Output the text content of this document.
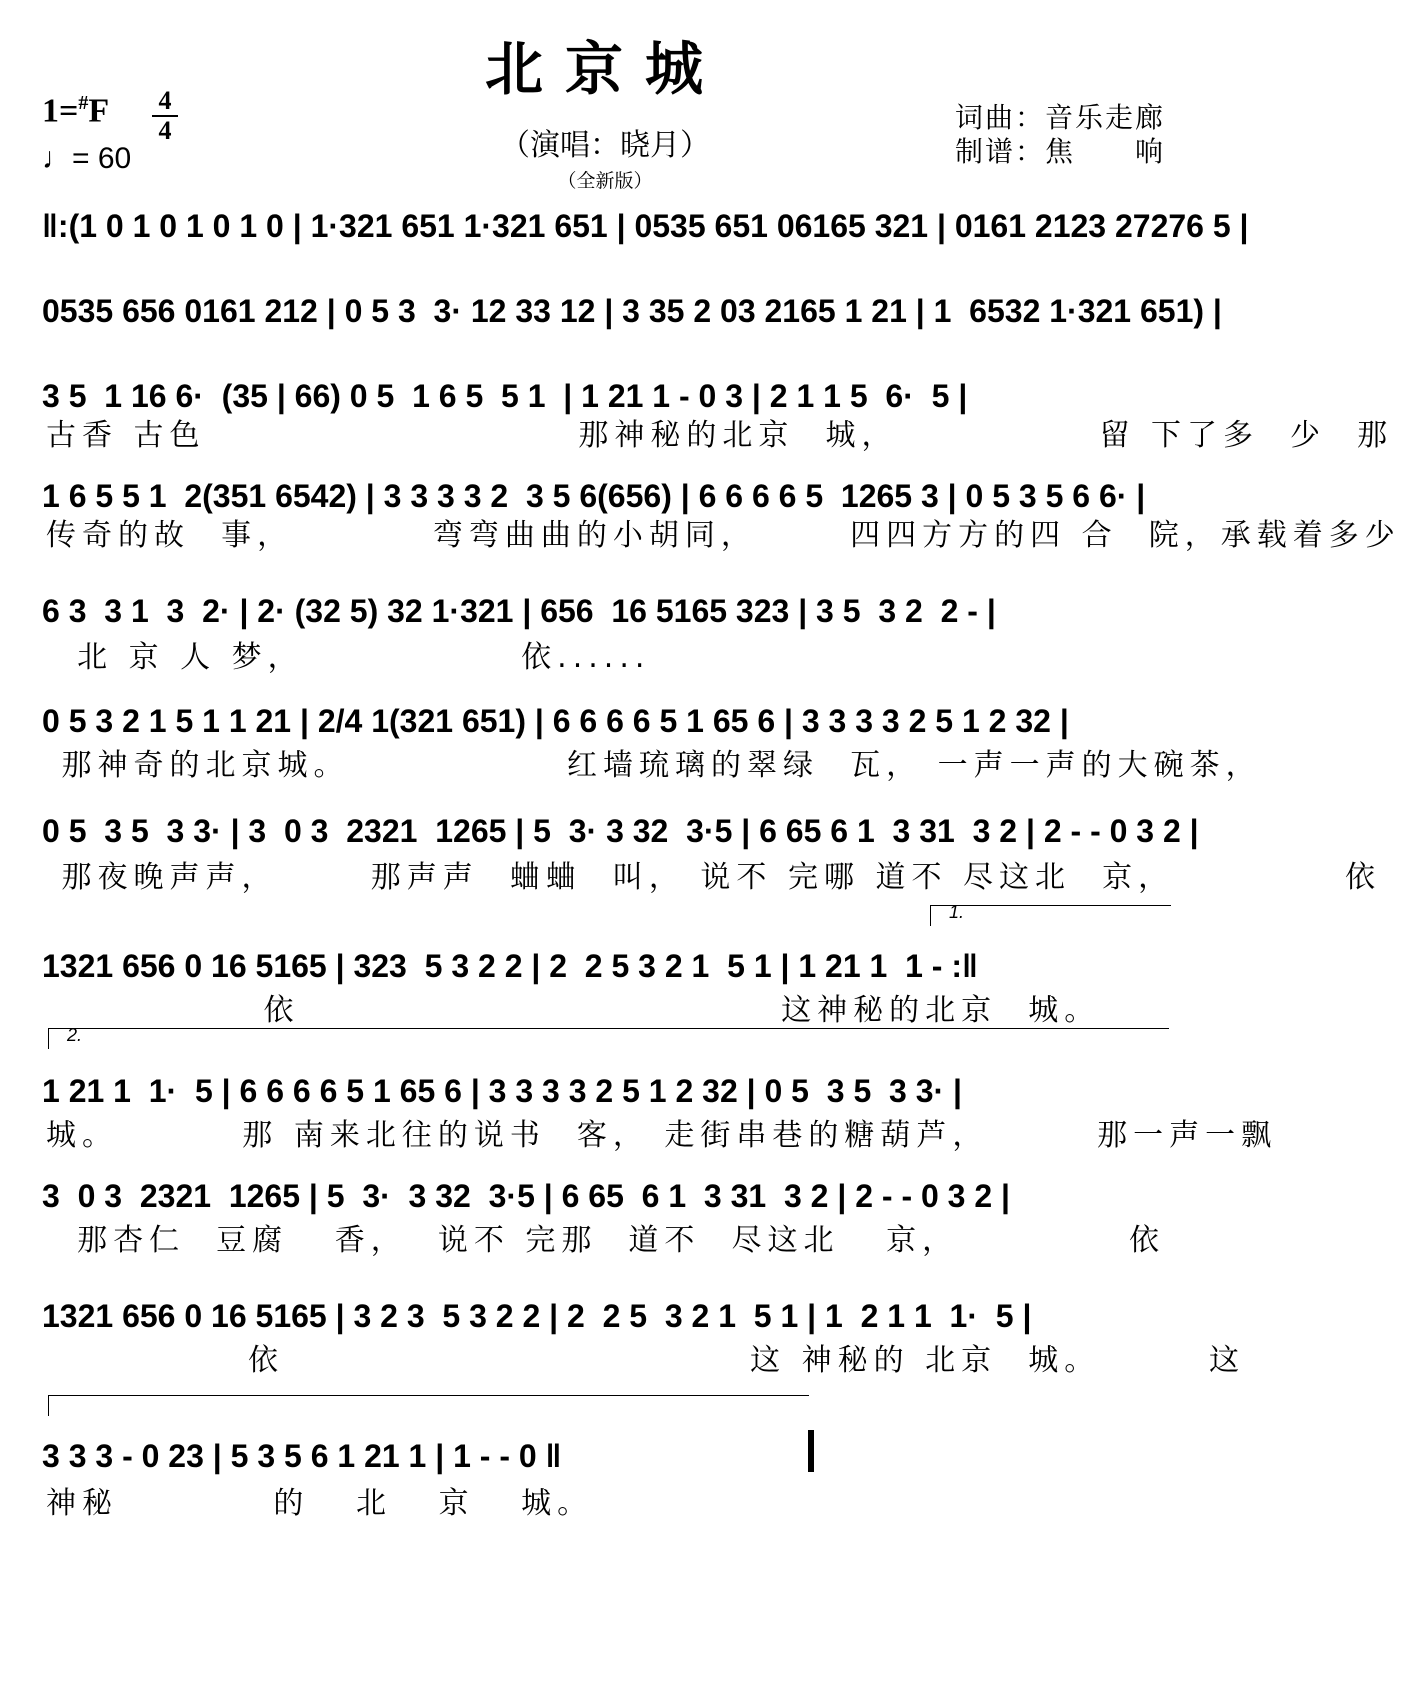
北京城
1=#F	4
4
♩= 60	（演唱：晓月）
（全新版）
词曲：音乐走廊
制谱：焦　　响
‖:(1 0 1 0 1 0 1 0 | 1·321 651 1·321 651 | 0535 651 06165 321 | 0161 2123 27276 5 |
0535 656 0161 212 | 0 5 3  3· 12 33 12 | 3 35 2 03 2165 1 21 | 1  6532 1·321 651) |
3 5  1 16 6·  (35 | 66) 0 5  1 6 5  5 1  | 1 21 1 - 0 3 | 2 1 1 5  6·  5 |
古香 古色                        那神秘的北京  城，             留 下了多  少  那
1 6 5 5 1  2(351 6542) | 3 3 3 3 2  3 5 6(656) | 6 6 6 6 5  1265 3 | 0 5 3 5 6 6· |
传奇的故  事，         弯弯曲曲的小胡同，      四四方方的四 合  院，承载着多少
6 3  3 1  3  2· | 2· (32 5) 32 1·321 | 656  16 5165 323 | 3 5  3 2  2 - |
北 京 人 梦，              依......
0 5 3 2 1 5 1 1 21 | 2/4 1(321 651) | 6 6 6 6 5 1 65 6 | 3 3 3 3 2 5 1 2 32 |
那神奇的北京城。              红墙琉璃的翠绿  瓦， 一声一声的大碗茶，
0 5  3 5  3 3· | 3  0 3  2321  1265 | 5  3· 3 32  3·5 | 6 65 6 1  3 31  3 2 | 2 - - 0 3 2 |
那夜晚声声，      那声声  蛐蛐  叫， 说不 完哪 道不 尽这北  京，           依
1.
1321 656 0 16 5165 | 323  5 3 2 2 | 2  2 5 3 2 1  5 1 | 1 21 1  1 - :‖
依                               这神秘的北京  城。
2.
1 21 1  1·  5 | 6 6 6 6 5 1 65 6 | 3 3 3 3 2 5 1 2 32 | 0 5  3 5  3 3· |
城。        那 南来北往的说书  客， 走街串巷的糖葫芦，       那一声一飘
3  0 3  2321  1265 | 5  3·  3 32  3·5 | 6 65  6 1  3 31  3 2 | 2 - - 0 3 2 |
那杏仁  豆腐   香，  说不 完那  道不  尽这北   京，           依
1321 656 0 16 5165 | 3 2 3  5 3 2 2 | 2  2 5  3 2 1  5 1 | 1  2 1 1  1·  5 |
依                              这 神秘的 北京  城。       这
3 3 3 - 0 23 | 5 3 5 6 1 21 1 | 1 - - 0 ‖
神秘          的   北   京   城。
